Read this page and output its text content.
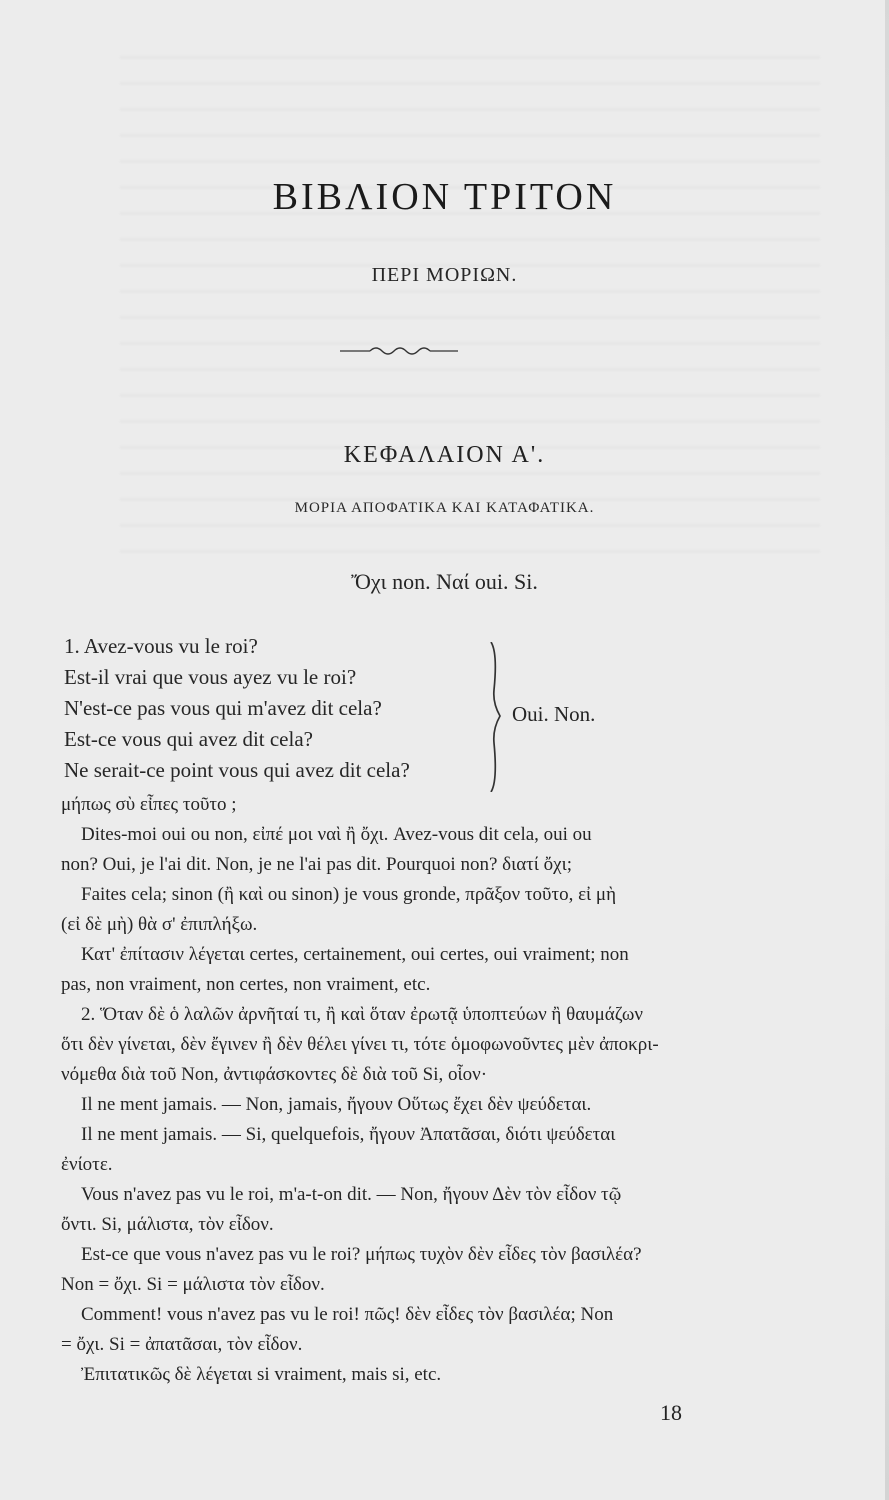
ΒΙΒΛΙΟΝ ΤΡΙΤΟΝ
ΠΕΡΙ ΜΟΡΙΩΝ.
ΚΕΦΑΛΑΙΟΝ Α'.
ΜΟΡΙΑ ΑΠΟΦΑΤΙΚΑ ΚΑΙ ΚΑΤΑΦΑΤΙΚΑ.
Ὄχι non. Ναί oui. Si.
1. Avez-vous vu le roi?
Est-il vrai que vous ayez vu le roi?
N'est-ce pas vous qui m'avez dit cela?
Est-ce vous qui avez dit cela?
Ne serait-ce point vous qui avez dit cela?
Oui. Non.
μήπως σὺ εἶπες τοῦτο ;
Dites-moi oui ou non, εἰπέ μοι ναὶ ἢ ὄχι. Avez-vous dit cela, oui ou
non? Oui, je l'ai dit. Non, je ne l'ai pas dit. Pourquoi non? διατί ὄχι;
Faites cela; sinon (ἢ καὶ ou sinon) je vous gronde, πρᾶξον τοῦτο, εἰ μὴ
(εἰ δὲ μὴ) θὰ σ' ἐπιπλήξω.
Κατ' ἐπίτασιν λέγεται certes, certainement, oui certes, oui vraiment; non
pas, non vraiment, non certes, non vraiment, etc.
2. Ὅταν δὲ ὁ λαλῶν ἀρνῆταί τι, ἢ καὶ ὅταν ἐρωτᾷ ὑποπτεύων ἢ θαυμάζων
ὅτι δὲν γίνεται, δὲν ἔγινεν ἢ δὲν θέλει γίνει τι, τότε ὁμοφωνοῦντες μὲν ἀποκρι-
νόμεθα διὰ τοῦ Non, ἀντιφάσκοντες δὲ διὰ τοῦ Si, οἷον·
Il ne ment jamais. — Non, jamais, ἤγουν Οὕτως ἔχει δὲν ψεύδεται.
Il ne ment jamais. — Si, quelquefois, ἤγουν Ἀπατᾶσαι, διότι ψεύδεται
ἐνίοτε.
Vous n'avez pas vu le roi, m'a-t-on dit. — Non, ἤγουν Δὲν τὸν εἶδον τῷ
ὄντι. Si, μάλιστα, τὸν εἶδον.
Est-ce que vous n'avez pas vu le roi? μήπως τυχὸν δὲν εἶδες τὸν βασιλέα?
Non = ὄχι. Si = μάλιστα τὸν εἶδον.
Comment! vous n'avez pas vu le roi! πῶς! δὲν εἶδες τὸν βασιλέα; Non
= ὄχι. Si = ἀπατᾶσαι, τὸν εἶδον.
Ἐπιτατικῶς δὲ λέγεται si vraiment, mais si, etc.
18
